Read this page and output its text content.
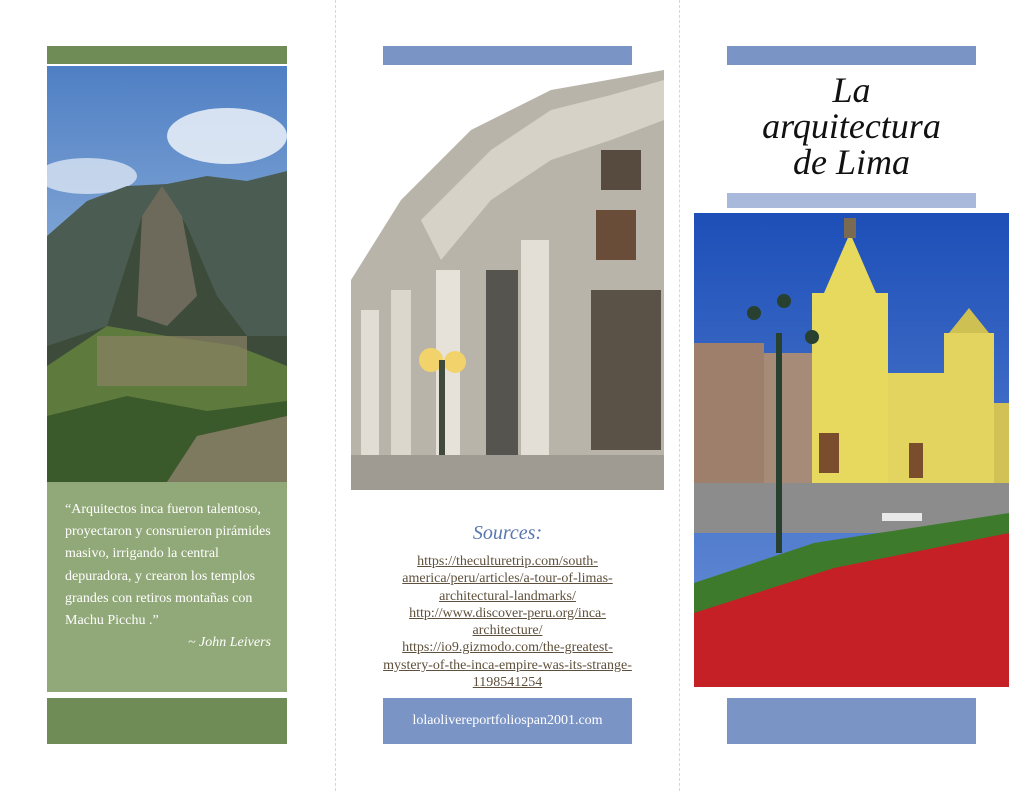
“Arquitectos inca fueron talentoso, proyectaron y consruieron pirámides masivo, irrigando la central depuradora, y crearon los templos grandes con retiros montañas con Machu Picchu .”
~ John Leivers
Sources:
https://theculturetrip.com/south-america/peru/articles/a-tour-of-limas-architectural-landmarks/
http://www.discover-peru.org/inca-architecture/
https://io9.gizmodo.com/the-greatest-mystery-of-the-inca-empire-was-its-strange-1198541254
lolaolivereportfoliospan2001.com
La
arquitectura
de Lima
